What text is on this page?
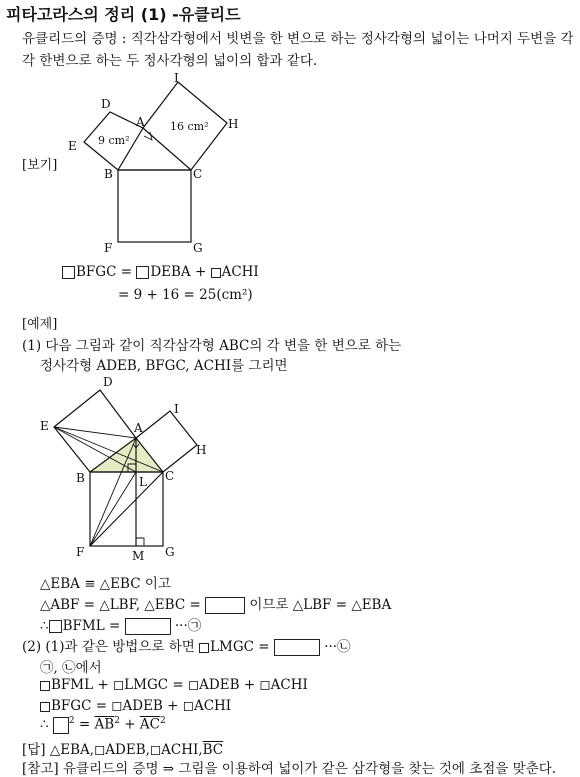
피타고라스의 정리 (1) -유클리드
유클리드의 증명 : 직각삼각형에서 빗변을 한 변으로 하는 정사각형의 넓이는 나머지 두변을 각각 한변으로 하는 두 정사각형의 넓이의 합과 같다.
[보기]
I
D
A	H
E
B	C
F	G
9 cm²
16 cm²
BFGC = DEBA + ACHI
= 9 + 16 = 25(cm²)
[예제]
(1) 다음 그림과 같이 직각삼각형 ABC의 각 변을 한 변으로 하는
정사각형 ADEB, BFGC, ACHI를 그리면
D
I
E	A
H
B	L C
F	M G
△EBA ≡ △EBC 이고
△ABF = △LBF, △EBC =	이므로 △LBF = △EBA
∴ BFML =	···㉠
(2) (1)과 같은 방법으로 하면 LMGC =	···㉡
㉠, ㉡에서
BFML + ◻LMGC = ◻ADEB + ◻ACHI
BFGC = ◻ADEB + ◻ACHI
∴ $^2 = \overline{AB}^2 + \overline{AC}^2$
[답] $\triangle EBA,◻ADEB,◻ACHI,\overline{BC}$
[참고] 유클리드의 증명 ⇒ 그림을 이용하여 넓이가 같은 삼각형을 찾는 것에 초점을 맞춘다.
